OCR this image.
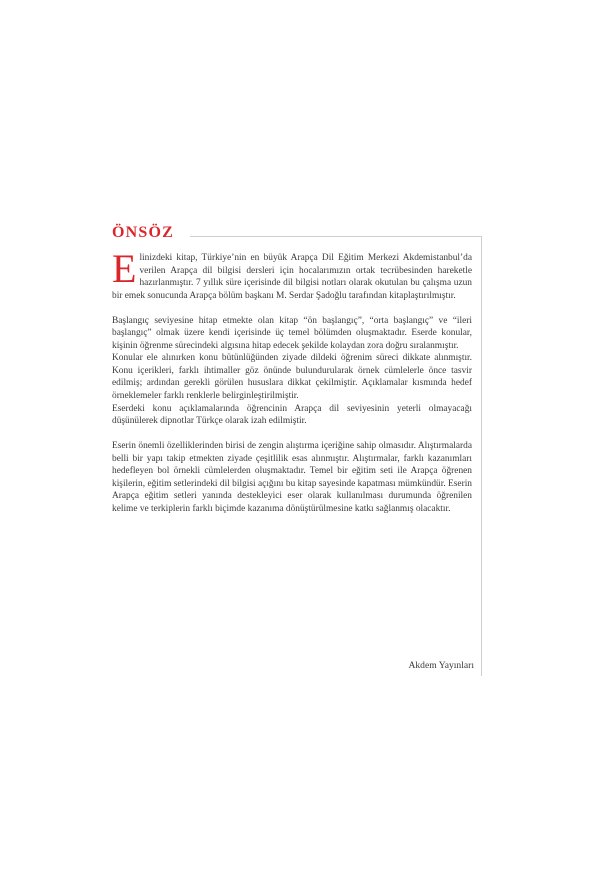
ÖNSÖZ

Elinizdeki kitap, Türkiye’nin en büyük Arapça Dil Eğitim Merkezi Akdemistanbul’da verilen Arapça dil bilgisi dersleri için hocalarımızın ortak tecrübesinden hareketle hazırlanmıştır. 7 yıllık süre içerisinde dil bilgisi notları olarak okutulan bu çalışma uzun bir emek sonucunda Arapça bölüm başkanı M. Serdar Şadoğlu tarafından kitaplaştırılmıştır.

Başlangıç seviyesine hitap etmekte olan kitap “ön başlangıç”, “orta başlangıç” ve “ileri başlangıç” olmak üzere kendi içerisinde üç temel bölümden oluşmaktadır. Eserde konular, kişinin öğrenme sürecindeki algısına hitap edecek şekilde kolaydan zora doğru sıralanmıştır.

Konular ele alınırken konu bütünlüğünden ziyade dildeki öğrenim süreci dikkate alınmıştır. Konu içerikleri, farklı ihtimaller göz önünde bulundurularak örnek cümlelerle önce tasvir edilmiş; ardından gerekli görülen hususlara dikkat çekilmiştir. Açıklamalar kısmında hedef örneklemeler farklı renklerle belirginleştirilmiştir.

Eserdeki konu açıklamalarında öğrencinin Arapça dil seviyesinin yeterli olmayacağı düşünülerek dipnotlar Türkçe olarak izah edilmiştir.

Eserin önemli özelliklerinden birisi de zengin alıştırma içeriğine sahip olmasıdır. Alıştırmalarda belli bir yapı takip etmekten ziyade çeşitlilik esas alınmıştır. Alıştırmalar, farklı kazanımları hedefleyen bol örnekli cümlelerden oluşmaktadır. Temel bir eğitim seti ile Arapça öğrenen kişilerin, eğitim setlerindeki dil bilgisi açığını bu kitap sayesinde kapatması mümkündür. Eserin Arapça eğitim setleri yanında destekleyici eser olarak kullanılması durumunda öğrenilen kelime ve terkiplerin farklı biçimde kazanıma dönüştürülmesine katkı sağlanmış olacaktır.

Akdem Yayınları
